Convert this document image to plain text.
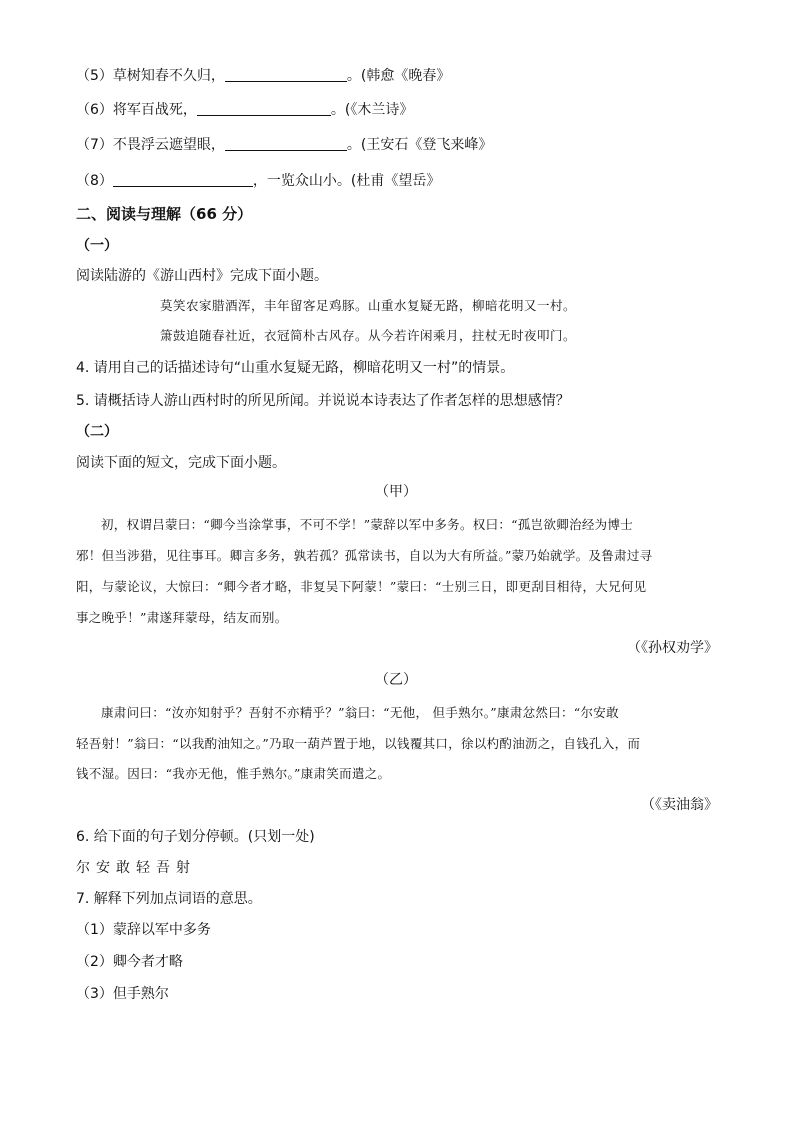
（5）草树知春不久归，	。(韩愈《晚春》
（6）将军百战死，	。(《木兰诗》
（7）不畏浮云遮望眼，	。(王安石《登飞来峰》
（8）	，一览众山小。(杜甫《望岳》
二、阅读与理解（66 分）
（一）
阅读陆游的《游山西村》完成下面小题。
莫笑农家腊酒浑，丰年留客足鸡豚。山重水复疑无路，柳暗花明又一村。
箫鼓追随春社近，衣冠简朴古风存。从今若许闲乘月，拄杖无时夜叩门。
4. 请用自己的话描述诗句“山重水复疑无路，柳暗花明又一村”的情景。
5. 请概括诗人游山西村时的所见所闻。并说说本诗表达了作者怎样的思想感情？
（二）
阅读下面的短文，完成下面小题。
（甲）
初，权谓吕蒙曰：“卿今当涂掌事，不可不学！”蒙辞以军中多务。权曰：“孤岂欲卿治经为博士
邪！但当涉猎，见往事耳。卿言多务，孰若孤？孤常读书，自以为大有所益。”蒙乃始就学。及鲁肃过寻
阳，与蒙论议，大惊曰：“卿今者才略，非复吴下阿蒙！”蒙曰：“士别三日，即更刮目相待，大兄何见
事之晚乎！”肃遂拜蒙母，结友而别。
（《孙权劝学》
（乙）
康肃问曰：“汝亦知射乎？吾射不亦精乎？”翁曰：“无他， 但手熟尔。”康肃忿然曰：“尔安敢
轻吾射！”翁曰：“以我酌油知之。”乃取一葫芦置于地，以钱覆其口，徐以杓酌油沥之，自钱孔入，而
钱不湿。因曰：“我亦无他，惟手熟尔。”康肃笑而遣之。
（《卖油翁》
6. 给下面的句子划分停顿。(只划一处)
尔安敢轻吾射
7. 解释下列加点词语的意思。
（1）蒙辞以军中多务
（2）卿今者才略
（3）但手熟尔
